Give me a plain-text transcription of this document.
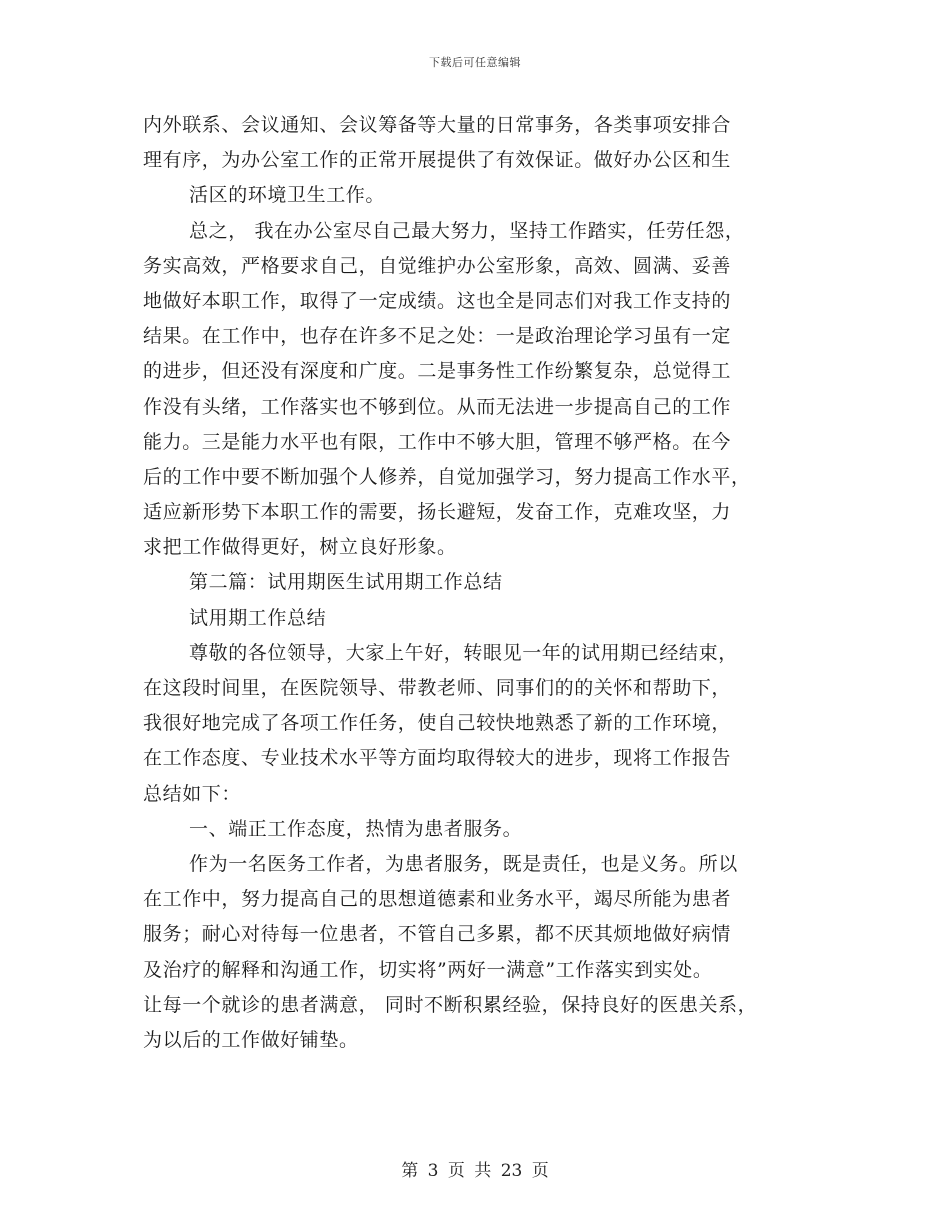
下载后可任意编辑
内外联系、会议通知、会议筹备等大量的日常事务，各类事项安排合
理有序，为办公室工作的正常开展提供了有效保证。做好办公区和生
活区的环境卫生工作。
总之， 我在办公室尽自己最大努力，坚持工作踏实，任劳任怨，
务实高效，严格要求自己，自觉维护办公室形象，高效、圆满、妥善
地做好本职工作，取得了一定成绩。这也全是同志们对我工作支持的
结果。在工作中，也存在许多不足之处：一是政治理论学习虽有一定
的进步，但还没有深度和广度。二是事务性工作纷繁复杂，总觉得工
作没有头绪，工作落实也不够到位。从而无法进一步提高自己的工作
能力。三是能力水平也有限，工作中不够大胆，管理不够严格。在今
后的工作中要不断加强个人修养，自觉加强学习，努力提高工作水平，
适应新形势下本职工作的需要，扬长避短，发奋工作，克难攻坚，力
求把工作做得更好，树立良好形象。
第二篇：试用期医生试用期工作总结
试用期工作总结
尊敬的各位领导，大家上午好，转眼见一年的试用期已经结束，
在这段时间里，在医院领导、带教老师、同事们的的关怀和帮助下，
我很好地完成了各项工作任务，使自己较快地熟悉了新的工作环境，
在工作态度、专业技术水平等方面均取得较大的进步，现将工作报告
总结如下：
一、端正工作态度，热情为患者服务。
作为一名医务工作者，为患者服务，既是责任，也是义务。所以
在工作中，努力提高自己的思想道德素和业务水平，竭尽所能为患者
服务；耐心对待每一位患者，不管自己多累，都不厌其烦地做好病情
及治疗的解释和沟通工作，切实将”两好一满意”工作落实到实处。
让每一个就诊的患者满意， 同时不断积累经验，保持良好的医患关系，
为以后的工作做好铺垫。
第 3 页 共 23 页
